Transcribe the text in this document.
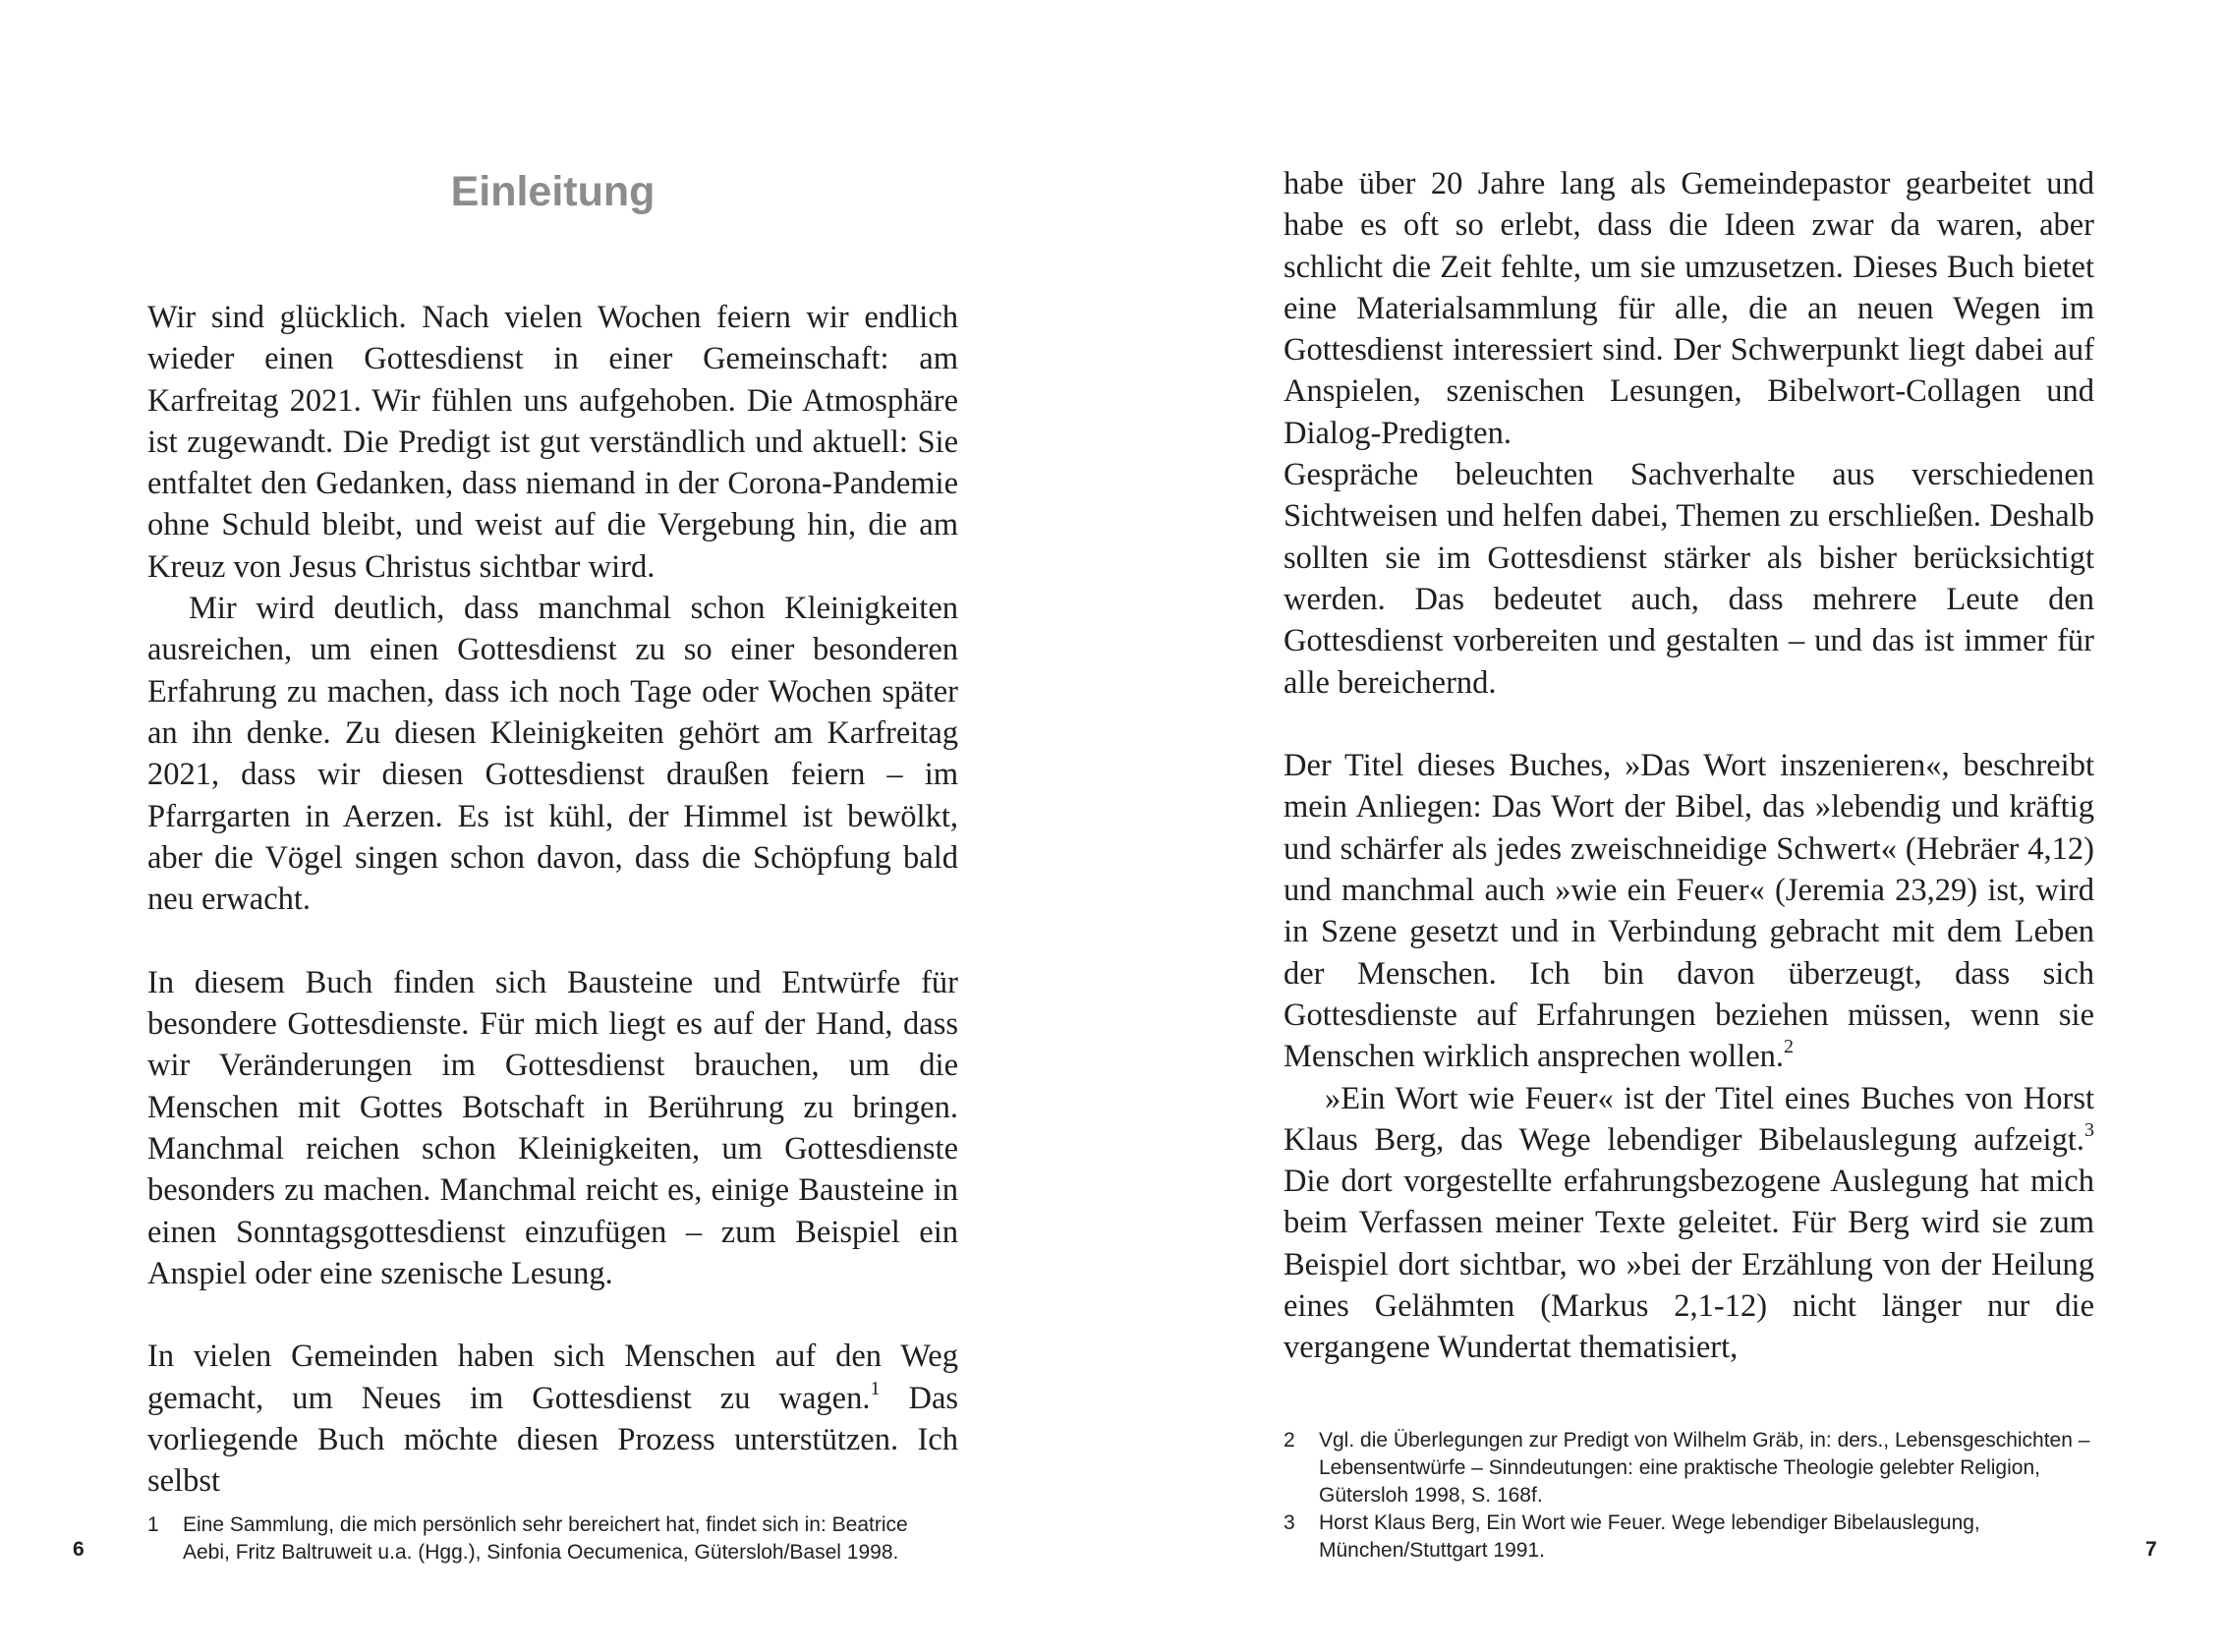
Einleitung

Wir sind glücklich. Nach vielen Wochen feiern wir endlich wieder einen Gottesdienst in einer Gemeinschaft: am Karfreitag 2021. Wir fühlen uns aufgehoben. Die Atmosphäre ist zugewandt. Die Predigt ist gut verständlich und aktuell: Sie entfaltet den Gedanken, dass niemand in der Corona-Pandemie ohne Schuld bleibt, und weist auf die Vergebung hin, die am Kreuz von Jesus Christus sichtbar wird.

Mir wird deutlich, dass manchmal schon Kleinigkeiten ausreichen, um einen Gottesdienst zu so einer besonderen Erfahrung zu machen, dass ich noch Tage oder Wochen später an ihn denke. Zu diesen Kleinigkeiten gehört am Karfreitag 2021, dass wir diesen Gottesdienst draußen feiern – im Pfarrgarten in Aerzen. Es ist kühl, der Himmel ist bewölkt, aber die Vögel singen schon davon, dass die Schöpfung bald neu erwacht.

In diesem Buch finden sich Bausteine und Entwürfe für besondere Gottesdienste. Für mich liegt es auf der Hand, dass wir Veränderungen im Gottesdienst brauchen, um die Menschen mit Gottes Botschaft in Berührung zu bringen. Manchmal reichen schon Kleinigkeiten, um Gottesdienste besonders zu machen. Manchmal reicht es, einige Bausteine in einen Sonntagsgottesdienst einzufügen – zum Beispiel ein Anspiel oder eine szenische Lesung.

In vielen Gemeinden haben sich Menschen auf den Weg gemacht, um Neues im Gottesdienst zu wagen.$^1$ Das vorliegende Buch möchte diesen Prozess unterstützen. Ich selbst

1	Eine Sammlung, die mich persönlich sehr bereichert hat, findet sich in: Beatrice Aebi, Fritz Baltruweit u.a. (Hgg.), Sinfonia Oecumenica, Gütersloh/Basel 1998.
6

habe über 20 Jahre lang als Gemeindepastor gearbeitet und habe es oft so erlebt, dass die Ideen zwar da waren, aber schlicht die Zeit fehlte, um sie umzusetzen. Dieses Buch bietet eine Materialsammlung für alle, die an neuen Wegen im Gottesdienst interessiert sind. Der Schwerpunkt liegt dabei auf Anspielen, szenischen Lesungen, Bibelwort-Collagen und Dialog-Predigten.

Gespräche beleuchten Sachverhalte aus verschiedenen Sichtweisen und helfen dabei, Themen zu erschließen. Deshalb sollten sie im Gottesdienst stärker als bisher berücksichtigt werden. Das bedeutet auch, dass mehrere Leute den Gottesdienst vorbereiten und gestalten – und das ist immer für alle bereichernd.

Der Titel dieses Buches, »Das Wort inszenieren«, beschreibt mein Anliegen: Das Wort der Bibel, das »lebendig und kräftig und schärfer als jedes zweischneidige Schwert« (Hebräer 4,12) und manchmal auch »wie ein Feuer« (Jeremia 23,29) ist, wird in Szene gesetzt und in Verbindung gebracht mit dem Leben der Menschen. Ich bin davon überzeugt, dass sich Gottesdienste auf Erfahrungen beziehen müssen, wenn sie Menschen wirklich ansprechen wollen.$^2$

»Ein Wort wie Feuer« ist der Titel eines Buches von Horst Klaus Berg, das Wege lebendiger Bibelauslegung aufzeigt.$^3$ Die dort vorgestellte erfahrungsbezogene Auslegung hat mich beim Verfassen meiner Texte geleitet. Für Berg wird sie zum Beispiel dort sichtbar, wo »bei der Erzählung von der Heilung eines Gelähmten (Markus 2,1-12) nicht länger nur die vergangene Wundertat thematisiert,

2	Vgl. die Überlegungen zur Predigt von Wilhelm Gräb, in: ders., Lebensgeschichten – Lebensentwürfe – Sinndeutungen: eine praktische Theologie gelebter Religion, Gütersloh 1998, S. 168f.
3	Horst Klaus Berg, Ein Wort wie Feuer. Wege lebendiger Bibelauslegung, München/Stuttgart 1991.	7
